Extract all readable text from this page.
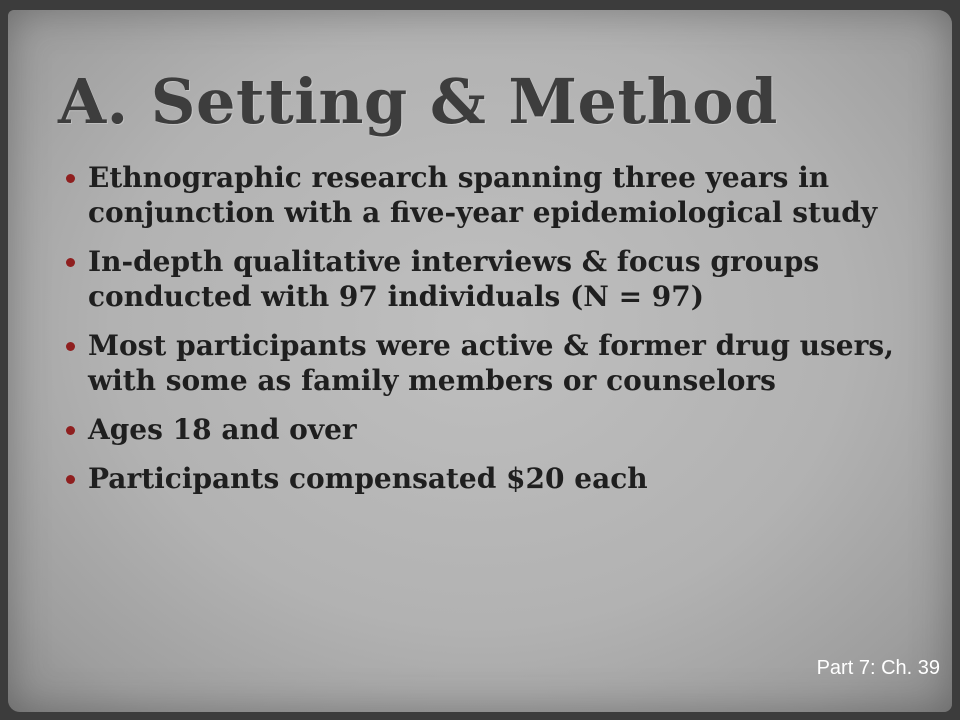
A. Setting & Method
Ethnographic research spanning three years in conjunction with a five-year epidemiological study
In-depth qualitative interviews & focus groups conducted with 97 individuals (N = 97)
Most participants were active & former drug users, with some as family members or counselors
Ages 18 and over
Participants compensated $20 each
Part 7: Ch. 39
